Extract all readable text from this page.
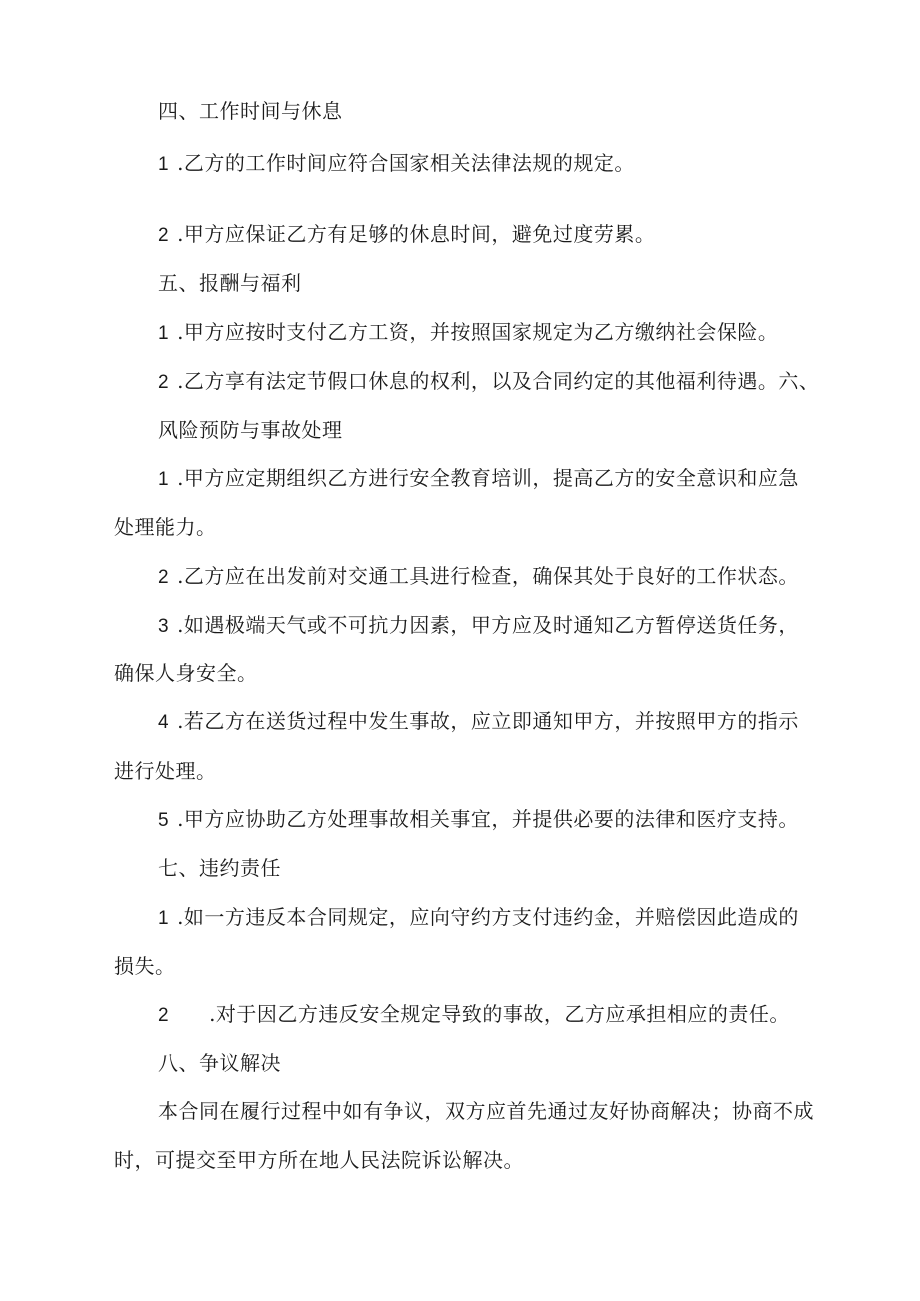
四、工作时间与休息
1 .乙方的工作时间应符合国家相关法律法规的规定。
2 .甲方应保证乙方有足够的休息时间，避免过度劳累。
五、报酬与福利
1 .甲方应按时支付乙方工资，并按照国家规定为乙方缴纳社会保险。
2 .乙方享有法定节假口休息的权利，以及合同约定的其他福利待遇。六、
风险预防与事故处理
1 .甲方应定期组织乙方进行安全教育培训，提高乙方的安全意识和应急
处理能力。
2 .乙方应在出发前对交通工具进行检查，确保其处于良好的工作状态。
3 .如遇极端天气或不可抗力因素，甲方应及时通知乙方暂停送货任务，
确保人身安全。
4 .若乙方在送货过程中发生事故，应立即通知甲方，并按照甲方的指示
进行处理。
5 .甲方应协助乙方处理事故相关事宜，并提供必要的法律和医疗支持。
七、违约责任
1 .如一方违反本合同规定，应向守约方支付违约金，并赔偿因此造成的
损失。
2 .对于因乙方违反安全规定导致的事故，乙方应承担相应的责任。
八、争议解决
本合同在履行过程中如有争议，双方应首先通过友好协商解决；协商不成
时，可提交至甲方所在地人民法院诉讼解决。
